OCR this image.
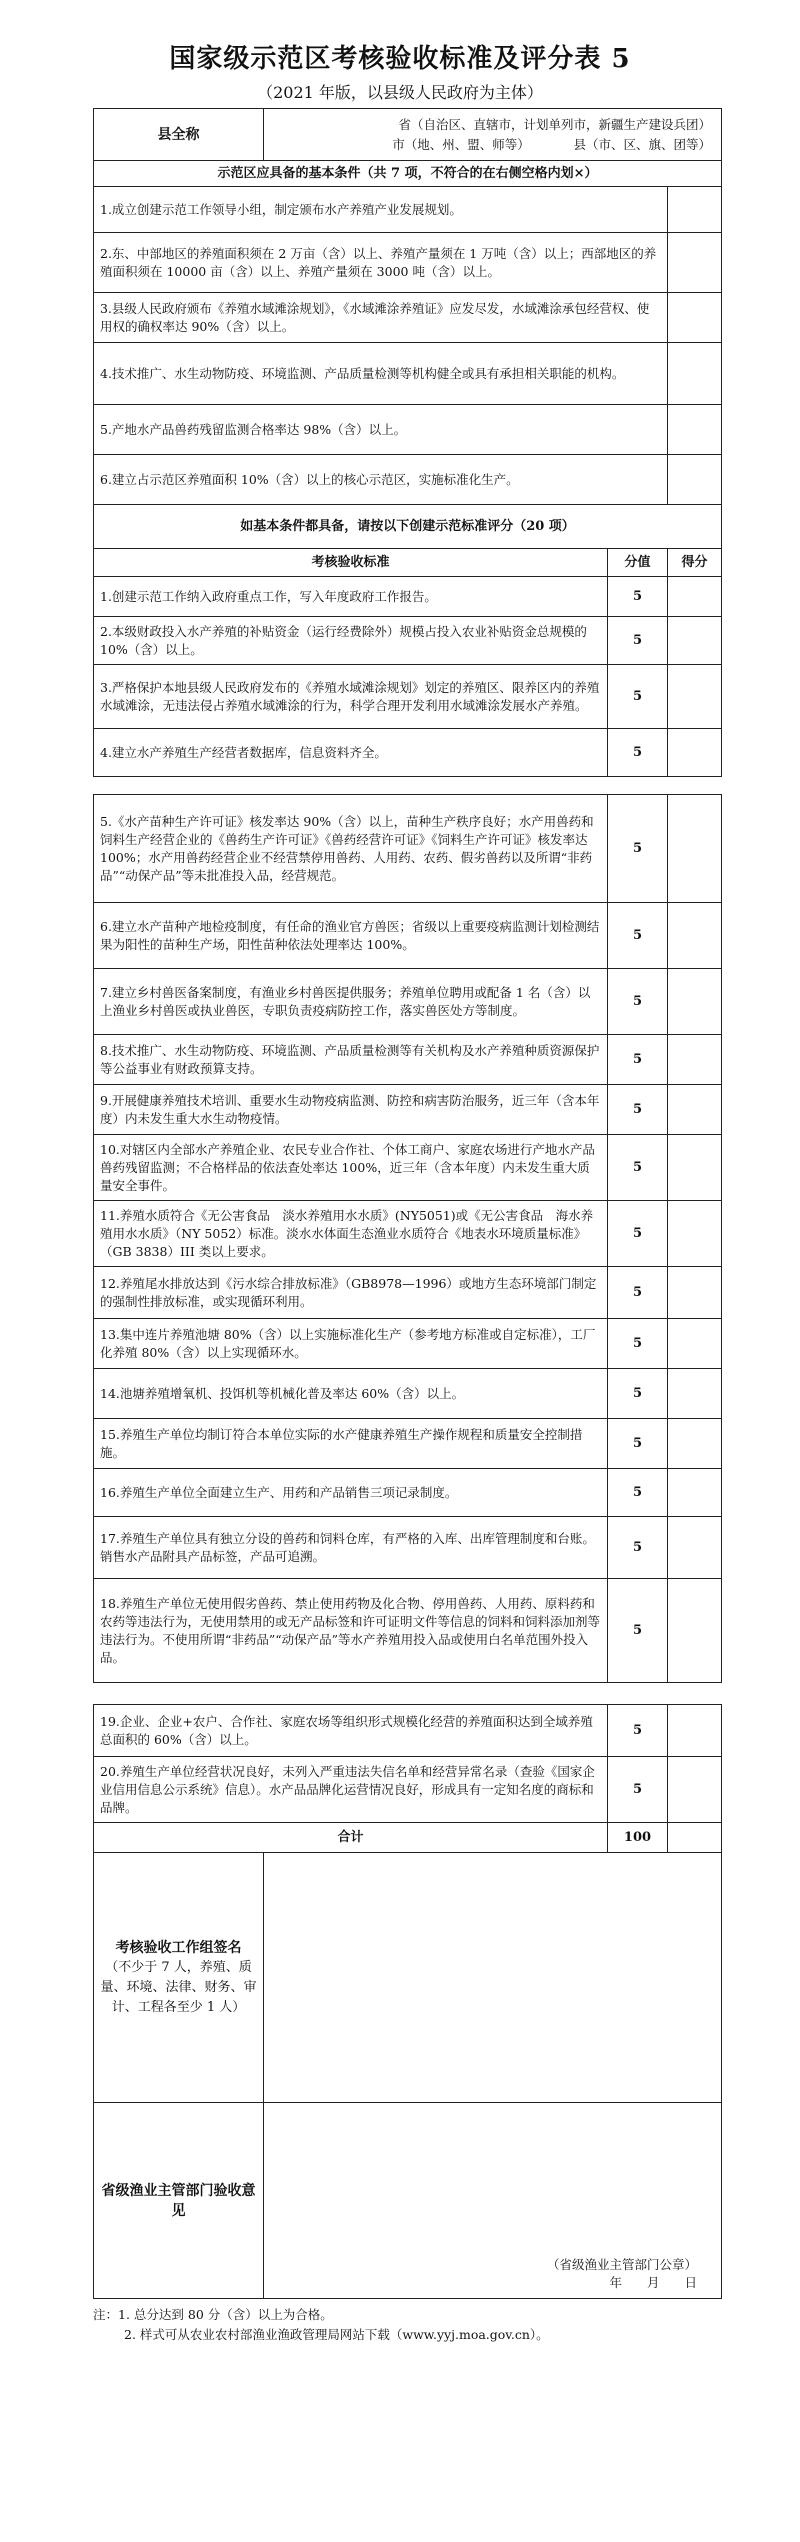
国家级示范区考核验收标准及评分表 5
（2021 年版，以县级人民政府为主体）
县全称	省（自治区、直辖市，计划单列市，新疆生产建设兵团）
市（地、州、盟、师等）　　　　县（市、区、旗、团等）		

示范区应具备的基本条件（共 7 项，不符合的在右侧空格内划×）			
1.成立创建示范工作领导小组，制定颁布水产养殖产业发展规划。			
2.东、中部地区的养殖面积须在 2 万亩（含）以上、养殖产量须在 1 万吨（含）以上；西部地区的养殖面积须在 10000 亩（含）以上、养殖产量须在 3000 吨（含）以上。			
3.县级人民政府颁布《养殖水域滩涂规划》，《水域滩涂养殖证》应发尽发，水域滩涂承包经营权、使用权的确权率达 90%（含）以上。			
4.技术推广、水生动物防疫、环境监测、产品质量检测等机构健全或具有承担相关职能的机构。			
5.产地水产品兽药残留监测合格率达 98%（含）以上。			
6.建立占示范区养殖面积 10%（含）以上的核心示范区，实施标准化生产。			
如基本条件都具备，请按以下创建示范标准评分（20 项）			
考核验收标准		分值	得分
1.创建示范工作纳入政府重点工作，写入年度政府工作报告。		5	
2.本级财政投入水产养殖的补贴资金（运行经费除外）规模占投入农业补贴资金总规模的 10%（含）以上。		5	
3.严格保护本地县级人民政府发布的《养殖水域滩涂规划》划定的养殖区、限养区内的养殖水域滩涂，无违法侵占养殖水域滩涂的行为，科学合理开发利用水域滩涂发展水产养殖。		5	
4.建立水产养殖生产经营者数据库，信息资料齐全。		5	

5.《水产苗种生产许可证》核发率达 90%（含）以上，苗种生产秩序良好；水产用兽药和饲料生产经营企业的《兽药生产许可证》《兽药经营许可证》《饲料生产许可证》核发率达 100%；水产用兽药经营企业不经营禁停用兽药、人用药、农药、假劣兽药以及所谓“非药品”“动保产品”等未批准投入品，经营规范。		5	
6.建立水产苗种产地检疫制度，有任命的渔业官方兽医；省级以上重要疫病监测计划检测结果为阳性的苗种生产场，阳性苗种依法处理率达 100%。		5	
7.建立乡村兽医备案制度，有渔业乡村兽医提供服务；养殖单位聘用或配备 1 名（含）以上渔业乡村兽医或执业兽医，专职负责疫病防控工作，落实兽医处方等制度。		5	
8.技术推广、水生动物防疫、环境监测、产品质量检测等有关机构及水产养殖种质资源保护等公益事业有财政预算支持。		5	
9.开展健康养殖技术培训、重要水生动物疫病监测、防控和病害防治服务，近三年（含本年度）内未发生重大水生动物疫情。		5	
10.对辖区内全部水产养殖企业、农民专业合作社、个体工商户、家庭农场进行产地水产品兽药残留监测；不合格样品的依法查处率达 100%，近三年（含本年度）内未发生重大质量安全事件。		5	
11.养殖水质符合《无公害食品　淡水养殖用水水质》(NY5051)或《无公害食品　海水养殖用水水质》（NY 5052）标准。淡水水体面生态渔业水质符合《地表水环境质量标准》（GB 3838）III 类以上要求。		5	
12.养殖尾水排放达到《污水综合排放标准》（GB8978—1996）或地方生态环境部门制定的强制性排放标准，或实现循环利用。		5	
13.集中连片养殖池塘 80%（含）以上实施标准化生产（参考地方标准或自定标准），工厂化养殖 80%（含）以上实现循环水。		5	
14.池塘养殖增氧机、投饵机等机械化普及率达 60%（含）以上。		5	
15.养殖生产单位均制订符合本单位实际的水产健康养殖生产操作规程和质量安全控制措施。		5	
16.养殖生产单位全面建立生产、用药和产品销售三项记录制度。		5	
17.养殖生产单位具有独立分设的兽药和饲料仓库，有严格的入库、出库管理制度和台账。销售水产品附具产品标签，产品可追溯。		5	
18.养殖生产单位无使用假劣兽药、禁止使用药物及化合物、停用兽药、人用药、原料药和农药等违法行为，无使用禁用的或无产品标签和许可证明文件等信息的饲料和饲料添加剂等违法行为。不使用所谓“非药品”“动保产品”等水产养殖用投入品或使用白名单范围外投入品。		5	

19.企业、企业+农户、合作社、家庭农场等组织形式规模化经营的养殖面积达到全域养殖总面积的 60%（含）以上。		5	
20.养殖生产单位经营状况良好，未列入严重违法失信名单和经营异常名录（查验《国家企业信用信息公示系统》信息）。水产品品牌化运营情况良好，形成具有一定知名度的商标和品牌。		5	
合计		100	

考核验收工作组签名
（不少于 7 人，养殖、质量、环境、法律、财务、审计、工程各至少 1 人）			

省级渔业主管部门验收意见	（省级渔业主管部门公章）
年　　月　　日		
注：1. 总分达到 80 分（含）以上为合格。
2. 样式可从农业农村部渔业渔政管理局网站下载（www.yyj.moa.gov.cn）。
